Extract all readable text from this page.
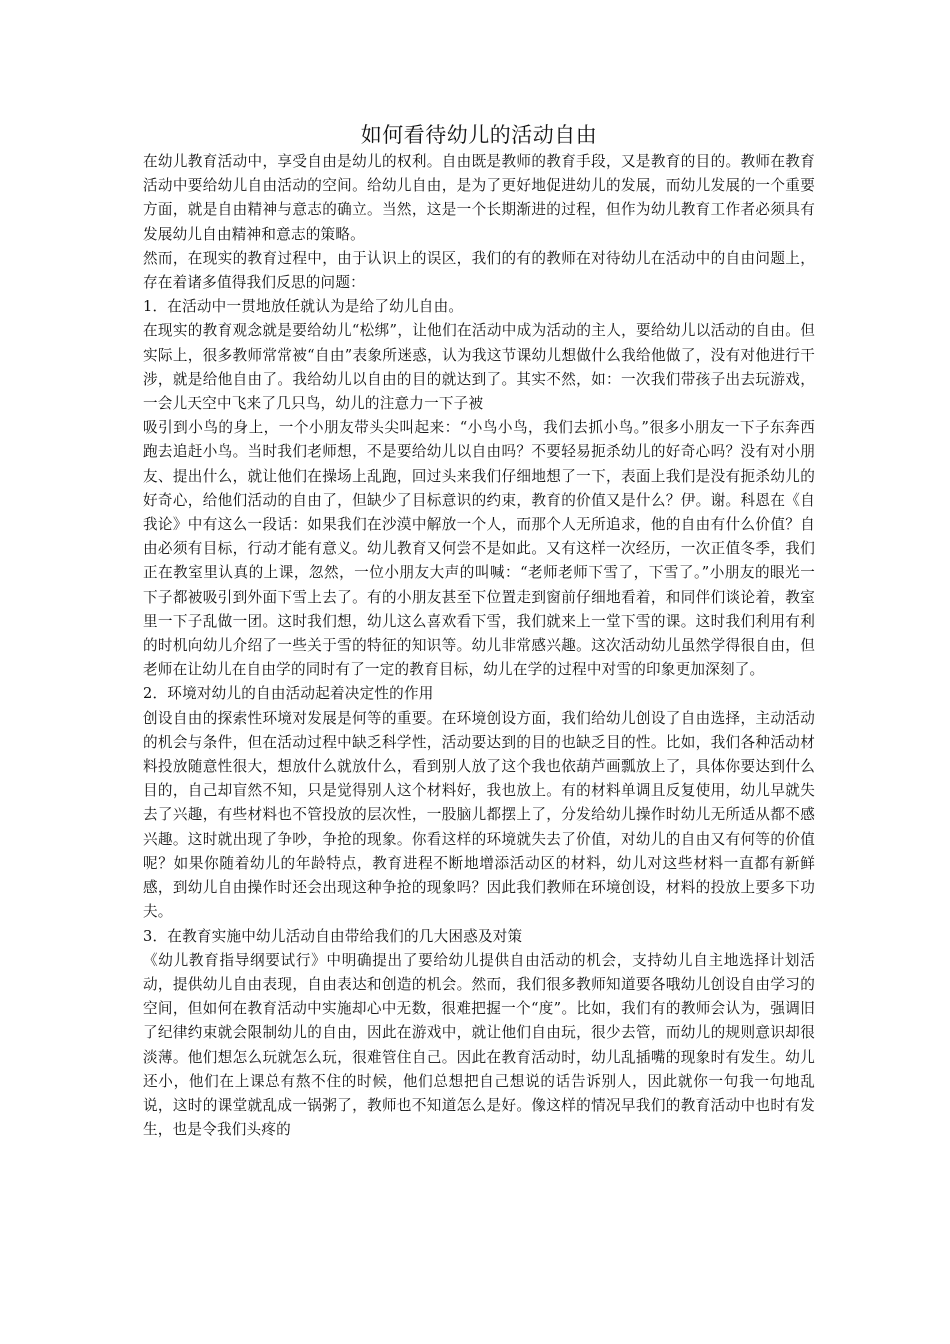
如何看待幼儿的活动自由

在幼儿教育活动中，享受自由是幼儿的权利。自由既是教师的教育手段，又是教育的目的。教师在教育活动中要给幼儿自由活动的空间。给幼儿自由，是为了更好地促进幼儿的发展，而幼儿发展的一个重要方面，就是自由精神与意志的确立。当然，这是一个长期渐进的过程，但作为幼儿教育工作者必须具有发展幼儿自由精神和意志的策略。

然而，在现实的教育过程中，由于认识上的误区，我们的有的教师在对待幼儿在活动中的自由问题上，存在着诸多值得我们反思的问题：

1．在活动中一贯地放任就认为是给了幼儿自由。

在现实的教育观念就是要给幼儿“松绑”，让他们在活动中成为活动的主人，要给幼儿以活动的自由。但实际上，很多教师常常被“自由”表象所迷惑，认为我这节课幼儿想做什么我给他做了，没有对他进行干涉，就是给他自由了。我给幼儿以自由的目的就达到了。其实不然，如：一次我们带孩子出去玩游戏，一会儿天空中飞来了几只鸟，幼儿的注意力一下子被

吸引到小鸟的身上，一个小朋友带头尖叫起来：“小鸟小鸟，我们去抓小鸟。”很多小朋友一下子东奔西跑去追赶小鸟。当时我们老师想，不是要给幼儿以自由吗？不要轻易扼杀幼儿的好奇心吗？没有对小朋友、提出什么，就让他们在操场上乱跑，回过头来我们仔细地想了一下，表面上我们是没有扼杀幼儿的好奇心，给他们活动的自由了，但缺少了目标意识的约束，教育的价值又是什么？伊。谢。科恩在《自我论》中有这么一段话：如果我们在沙漠中解放一个人，而那个人无所追求，他的自由有什么价值？自由必须有目标，行动才能有意义。幼儿教育又何尝不是如此。又有这样一次经历，一次正值冬季，我们正在教室里认真的上课，忽然，一位小朋友大声的叫喊：“老师老师下雪了，下雪了。”小朋友的眼光一下子都被吸引到外面下雪上去了。有的小朋友甚至下位置走到窗前仔细地看着，和同伴们谈论着，教室里一下子乱做一团。这时我们想，幼儿这么喜欢看下雪，我们就来上一堂下雪的课。这时我们利用有利的时机向幼儿介绍了一些关于雪的特征的知识等。幼儿非常感兴趣。这次活动幼儿虽然学得很自由，但老师在让幼儿在自由学的同时有了一定的教育目标，幼儿在学的过程中对雪的印象更加深刻了。

2．环境对幼儿的自由活动起着决定性的作用

创设自由的探索性环境对发展是何等的重要。在环境创设方面，我们给幼儿创设了自由选择，主动活动的机会与条件，但在活动过程中缺乏科学性，活动要达到的目的也缺乏目的性。比如，我们各种活动材料投放随意性很大，想放什么就放什么，看到别人放了这个我也依葫芦画瓢放上了，具体你要达到什么目的，自己却盲然不知，只是觉得别人这个材料好，我也放上。有的材料单调且反复使用，幼儿早就失去了兴趣，有些材料也不管投放的层次性，一股脑儿都摆上了，分发给幼儿操作时幼儿无所适从都不感兴趣。这时就出现了争吵，争抢的现象。你看这样的环境就失去了价值，对幼儿的自由又有何等的价值呢？如果你随着幼儿的年龄特点，教育进程不断地增添活动区的材料，幼儿对这些材料一直都有新鲜感，到幼儿自由操作时还会出现这种争抢的现象吗？因此我们教师在环境创设，材料的投放上要多下功夫。

3．在教育实施中幼儿活动自由带给我们的几大困惑及对策

《幼儿教育指导纲要试行》中明确提出了要给幼儿提供自由活动的机会，支持幼儿自主地选择计划活动，提供幼儿自由表现，自由表达和创造的机会。然而，我们很多教师知道要各哦幼儿创设自由学习的空间，但如何在教育活动中实施却心中无数，很难把握一个“度”。比如，我们有的教师会认为，强调旧了纪律约束就会限制幼儿的自由，因此在游戏中，就让他们自由玩，很少去管，而幼儿的规则意识却很淡薄。他们想怎么玩就怎么玩，很难管住自己。因此在教育活动时，幼儿乱插嘴的现象时有发生。幼儿还小，他们在上课总有熬不住的时候，他们总想把自己想说的话告诉别人，因此就你一句我一句地乱说，这时的课堂就乱成一锅粥了，教师也不知道怎么是好。像这样的情况早我们的教育活动中也时有发生，也是令我们头疼的
